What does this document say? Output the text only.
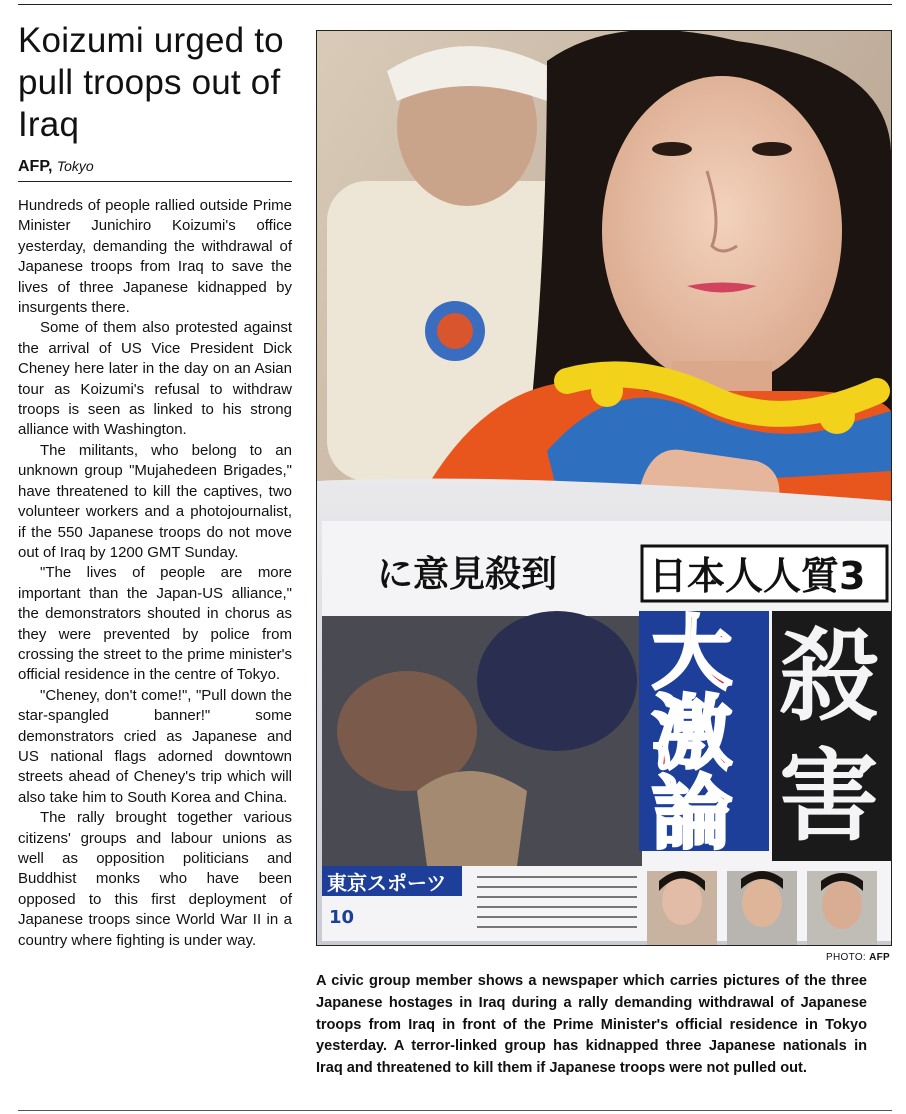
Koizumi urged to pull troops out of Iraq
AFP, Tokyo

Hundreds of people rallied outside Prime Minister Junichiro Koizumi's office yesterday, demanding the withdrawal of Japanese troops from Iraq to save the lives of three Japanese kidnapped by insurgents there.

Some of them also protested against the arrival of US Vice President Dick Cheney here later in the day on an Asian tour as Koizumi's refusal to withdraw troops is seen as linked to his strong alliance with Washington.

The militants, who belong to an unknown group "Mujahedeen Brigades," have threatened to kill the captives, two volunteer workers and a photojournalist, if the 550 Japanese troops do not move out of Iraq by 1200 GMT Sunday.

"The lives of people are more important than the Japan-US alliance," the demonstrators shouted in chorus as they were prevented by police from crossing the street to the prime minister's official residence in the centre of Tokyo.

"Cheney, don't come!", "Pull down the star-spangled banner!" some demonstrators cried as Japanese and US national flags adorned downtown streets ahead of Cheney's trip which will also take him to South Korea and China.

The rally brought together various citizens' groups and labour unions as well as opposition politicians and Buddhist monks who have been opposed to this first deployment of Japanese troops since World War II in a country where fighting is under way.

に意見殺到 日本人人質3
大
激
論
殺
害
東京スポーツ
10
PHOTO: AFP
A civic group member shows a newspaper which carries pictures of the three Japanese hostages in Iraq during a rally demanding withdrawal of Japanese troops from Iraq in front of the Prime Minister's official residence in Tokyo yesterday. A terror-linked group has kidnapped three Japanese nationals in Iraq and threatened to kill them if Japanese troops were not pulled out.
